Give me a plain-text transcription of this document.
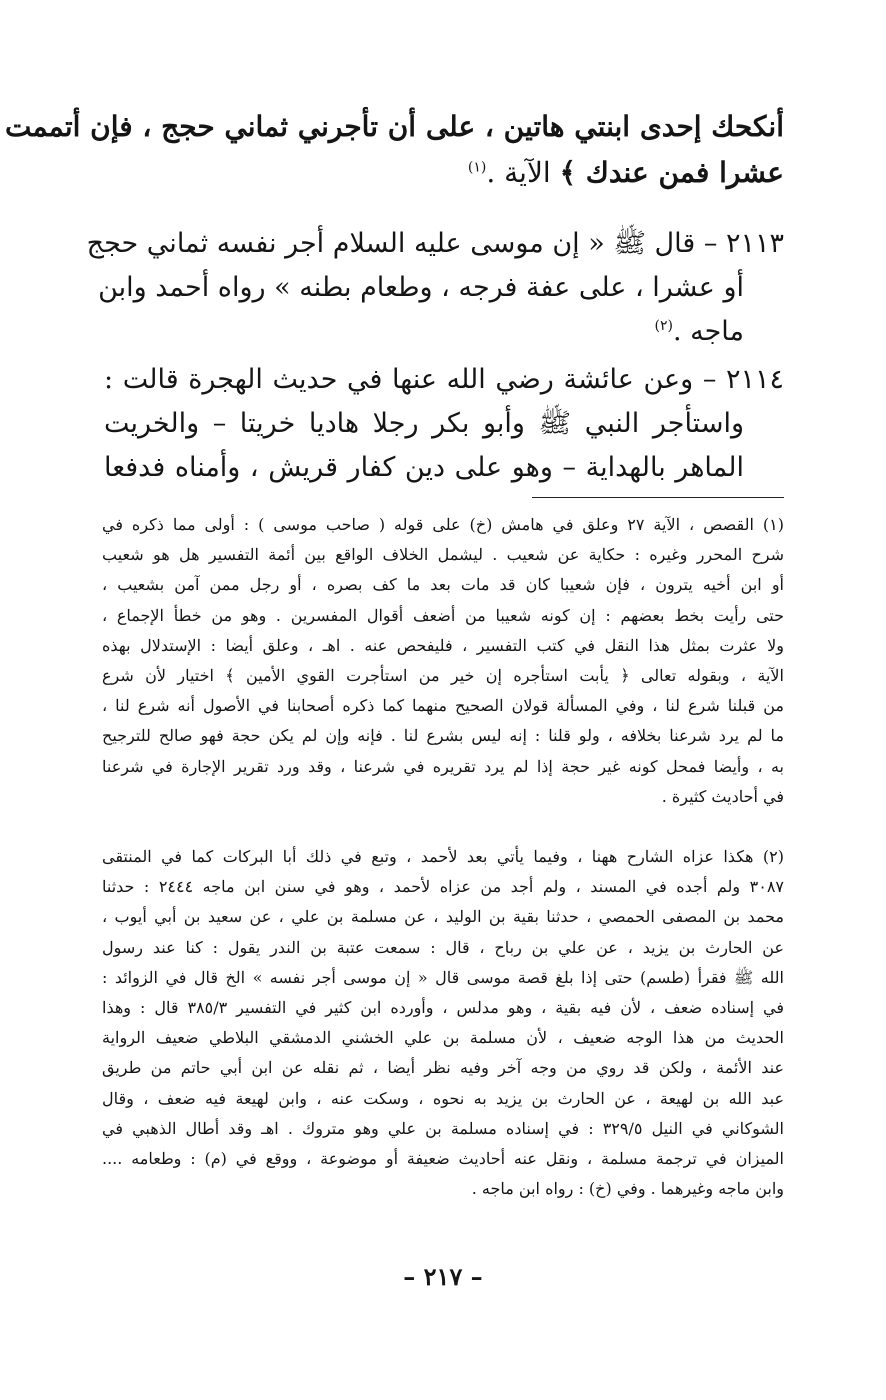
أنكحك إحدى ابنتي هاتين ، على أن تأجرني ثماني حجج ، فإن أتممت
عشرا فمن عندك ﴾ الآية .$^{(١)}$
٢١١٣ – قال ﷺ « إن موسى عليه السلام أجر نفسه ثماني حجج
أو عشرا ، على عفة فرجه ، وطعام بطنه » رواه أحمد وابن
ماجه .$^{(٢)}$
٢١١٤ – وعن عائشة رضي الله عنها في حديث الهجرة قالت :
واستأجر النبي ﷺ وأبو بكر رجلا هاديا خريتا – والخريت
الماهر بالهداية – وهو على دين كفار قريش ، وأمناه فدفعا
(١) القصص ، الآية ٢٧ وعلق في هامش (خ) على قوله ( صاحب موسى ) : أولى مما ذكره في
شرح المحرر وغيره : حكاية عن شعيب . ليشمل الخلاف الواقع بين أئمة التفسير هل هو شعيب
أو ابن أخيه يترون ، فإن شعيبا كان قد مات بعد ما كف بصره ، أو رجل ممن آمن بشعيب ،
حتى رأيت بخط بعضهم : إن كونه شعيبا من أضعف أقوال المفسرين . وهو من خطأ الإجماع ،
ولا عثرت بمثل هذا النقل في كتب التفسير ، فليفحص عنه . اهـ ، وعلق أيضا : الإستدلال بهذه
الآية ، وبقوله تعالى ﴿ يأبت استأجره إن خير من استأجرت القوي الأمين ﴾ اختيار لأن شرع
من قبلنا شرع لنا ، وفي المسألة قولان الصحيح منهما كما ذكره أصحابنا في الأصول أنه شرع لنا ،
ما لم يرد شرعنا بخلافه ، ولو قلنا : إنه ليس بشرع لنا . فإنه وإن لم يكن حجة فهو صالح للترجيح
به ، وأيضا فمحل كونه غير حجة إذا لم يرد تقريره في شرعنا ، وقد ورد تقرير الإجارة في شرعنا
في أحاديث كثيرة .
(٢) هكذا عزاه الشارح ههنا ، وفيما يأتي بعد لأحمد ، وتبع في ذلك أبا البركات كما في المنتقى
٣٠٨٧ ولم أجده في المسند ، ولم أجد من عزاه لأحمد ، وهو في سنن ابن ماجه ٢٤٤٤ : حدثنا
محمد بن المصفى الحمصي ، حدثنا بقية بن الوليد ، عن مسلمة بن علي ، عن سعيد بن أبي أيوب ،
عن الحارث بن يزيد ، عن علي بن رباح ، قال : سمعت عتبة بن الندر يقول : كنا عند رسول
الله ﷺ فقرأ (طسم) حتى إذا بلغ قصة موسى قال « إن موسى أجر نفسه » الخ قال في الزوائد :
في إسناده ضعف ، لأن فيه بقية ، وهو مدلس ، وأورده ابن كثير في التفسير ٣٨٥/٣ قال : وهذا
الحديث من هذا الوجه ضعيف ، لأن مسلمة بن علي الخشني الدمشقي البلاطي ضعيف الرواية
عند الأئمة ، ولكن قد روي من وجه آخر وفيه نظر أيضا ، ثم نقله عن ابن أبي حاتم من طريق
عبد الله بن لهيعة ، عن الحارث بن يزيد به نحوه ، وسكت عنه ، وابن لهيعة فيه ضعف ، وقال
الشوكاني في النيل ٣٢٩/٥ : في إسناده مسلمة بن علي وهو متروك . اهـ وقد أطال الذهبي في
الميزان في ترجمة مسلمة ، ونقل عنه أحاديث ضعيفة أو موضوعة ، ووقع في (م) : وطعامه ....
وابن ماجه وغيرهما . وفي (خ) : رواه ابن ماجه .
– ٢١٧ –
